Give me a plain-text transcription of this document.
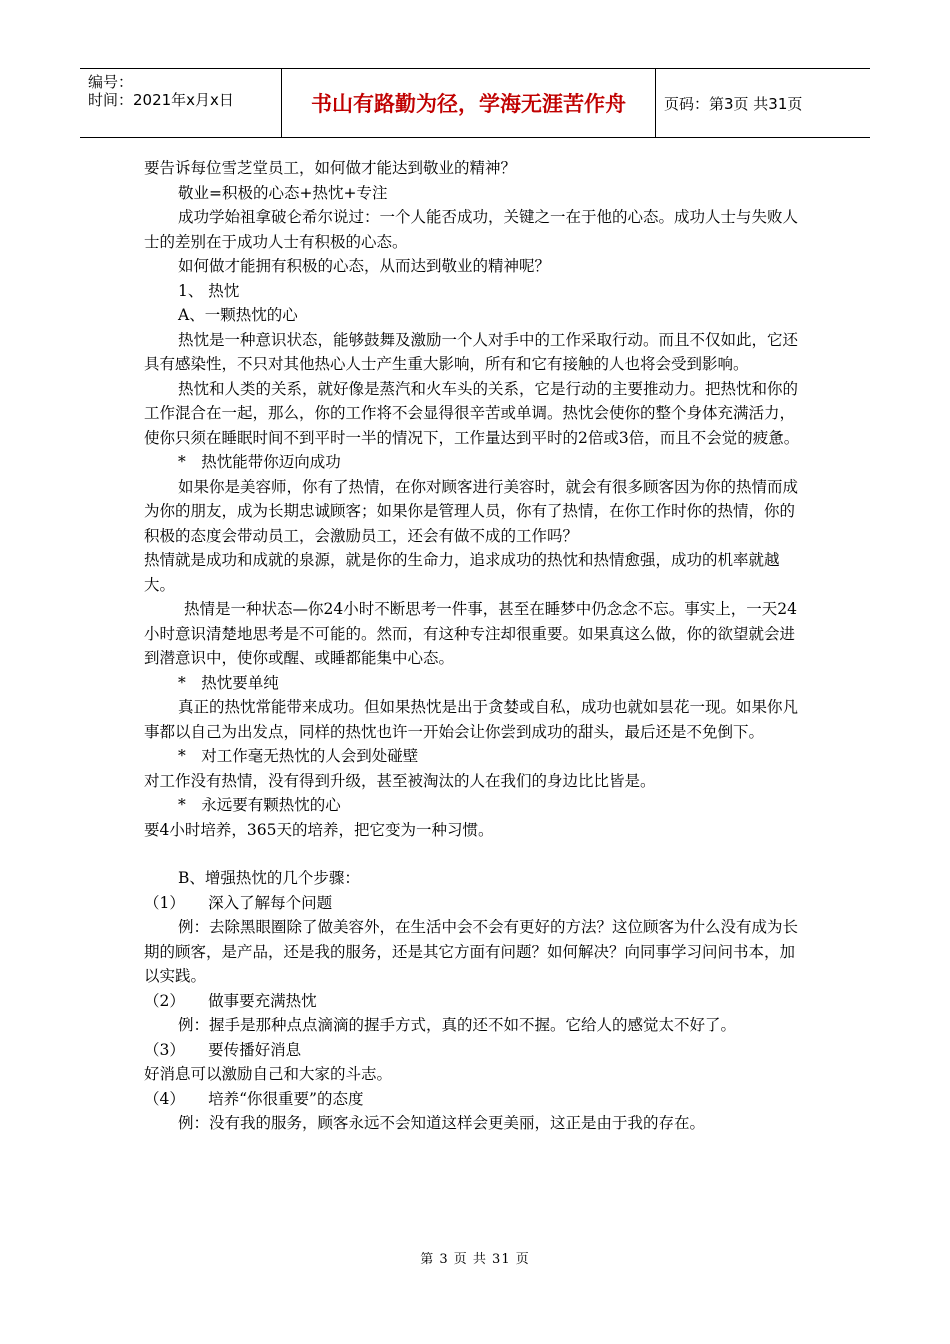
编号：
时间：2021年x月x日	书山有路勤为径，学海无涯苦作舟	页码：第3页 共31页
要告诉每位雪芝堂员工，如何做才能达到敬业的精神？
敬业=积极的心态+热忱+专注
成功学始祖拿破仑希尔说过：一个人能否成功，关键之一在于他的心态。成功人士与失败人士的差别在于成功人士有积极的心态。
如何做才能拥有积极的心态，从而达到敬业的精神呢？
1、 热忱
A、一颗热忱的心
热忱是一种意识状态，能够鼓舞及激励一个人对手中的工作采取行动。而且不仅如此，它还具有感染性，不只对其他热心人士产生重大影响，所有和它有接触的人也将会受到影响。
热忱和人类的关系，就好像是蒸汽和火车头的关系，它是行动的主要推动力。把热忱和你的工作混合在一起，那么，你的工作将不会显得很辛苦或单调。热忱会使你的整个身体充满活力，使你只须在睡眠时间不到平时一半的情况下，工作量达到平时的2倍或3倍，而且不会觉的疲惫。
*　热忱能带你迈向成功
如果你是美容师，你有了热情，在你对顾客进行美容时，就会有很多顾客因为你的热情而成为你的朋友，成为长期忠诚顾客；如果你是管理人员，你有了热情，在你工作时你的热情，你的积极的态度会带动员工，会激励员工，还会有做不成的工作吗？
热情就是成功和成就的泉源，就是你的生命力，追求成功的热忱和热情愈强，成功的机率就越大。
热情是一种状态—你24小时不断思考一件事，甚至在睡梦中仍念念不忘。事实上，一天24小时意识清楚地思考是不可能的。然而，有这种专注却很重要。如果真这么做，你的欲望就会进到潜意识中，使你或醒、或睡都能集中心态。
*　热忱要单纯
真正的热忱常能带来成功。但如果热忱是出于贪婪或自私，成功也就如昙花一现。如果你凡事都以自己为出发点，同样的热忱也许一开始会让你尝到成功的甜头，最后还是不免倒下。
*　对工作毫无热忱的人会到处碰壁
对工作没有热情，没有得到升级，甚至被淘汰的人在我们的身边比比皆是。
*　永远要有颗热忱的心
要4小时培养，365天的培养，把它变为一种习惯。
B、增强热忱的几个步骤：
（1）　　深入了解每个问题
例：去除黑眼圈除了做美容外，在生活中会不会有更好的方法？这位顾客为什么没有成为长期的顾客，是产品，还是我的服务，还是其它方面有问题？如何解决？向同事学习问问书本，加以实践。
（2）　　做事要充满热忱
例：握手是那种点点滴滴的握手方式，真的还不如不握。它给人的感觉太不好了。
（3）　　要传播好消息
好消息可以激励自己和大家的斗志。
（4）　　培养“你很重要”的态度
例：没有我的服务，顾客永远不会知道这样会更美丽，这正是由于我的存在。
第 3 页 共 31 页
